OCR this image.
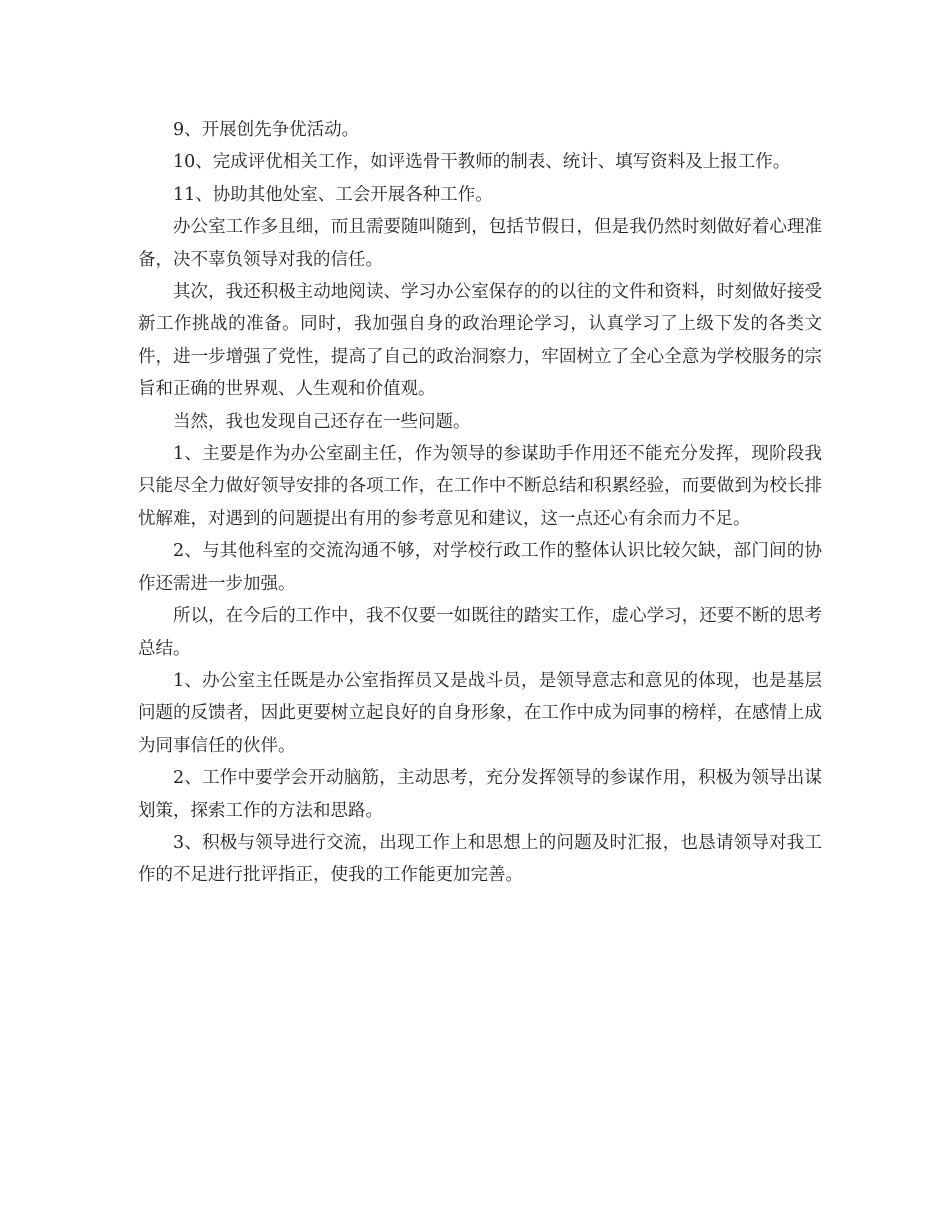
9、开展创先争优活动。

10、完成评优相关工作，如评选骨干教师的制表、统计、填写资料及上报工作。

11、协助其他处室、工会开展各种工作。

办公室工作多且细，而且需要随叫随到，包括节假日，但是我仍然时刻做好着心理准备，决不辜负领导对我的信任。

其次，我还积极主动地阅读、学习办公室保存的的以往的文件和资料，时刻做好接受新工作挑战的准备。同时，我加强自身的政治理论学习，认真学习了上级下发的各类文件，进一步增强了党性，提高了自己的政治洞察力，牢固树立了全心全意为学校服务的宗旨和正确的世界观、人生观和价值观。

当然，我也发现自己还存在一些问题。

1、主要是作为办公室副主任，作为领导的参谋助手作用还不能充分发挥，现阶段我只能尽全力做好领导安排的各项工作，在工作中不断总结和积累经验，而要做到为校长排忧解难，对遇到的问题提出有用的参考意见和建议，这一点还心有余而力不足。

2、与其他科室的交流沟通不够，对学校行政工作的整体认识比较欠缺，部门间的协作还需进一步加强。

所以，在今后的工作中，我不仅要一如既往的踏实工作，虚心学习，还要不断的思考总结。

1、办公室主任既是办公室指挥员又是战斗员，是领导意志和意见的体现，也是基层问题的反馈者，因此更要树立起良好的自身形象，在工作中成为同事的榜样，在感情上成为同事信任的伙伴。

2、工作中要学会开动脑筋，主动思考，充分发挥领导的参谋作用，积极为领导出谋划策，探索工作的方法和思路。

3、积极与领导进行交流，出现工作上和思想上的问题及时汇报，也恳请领导对我工作的不足进行批评指正，使我的工作能更加完善。
